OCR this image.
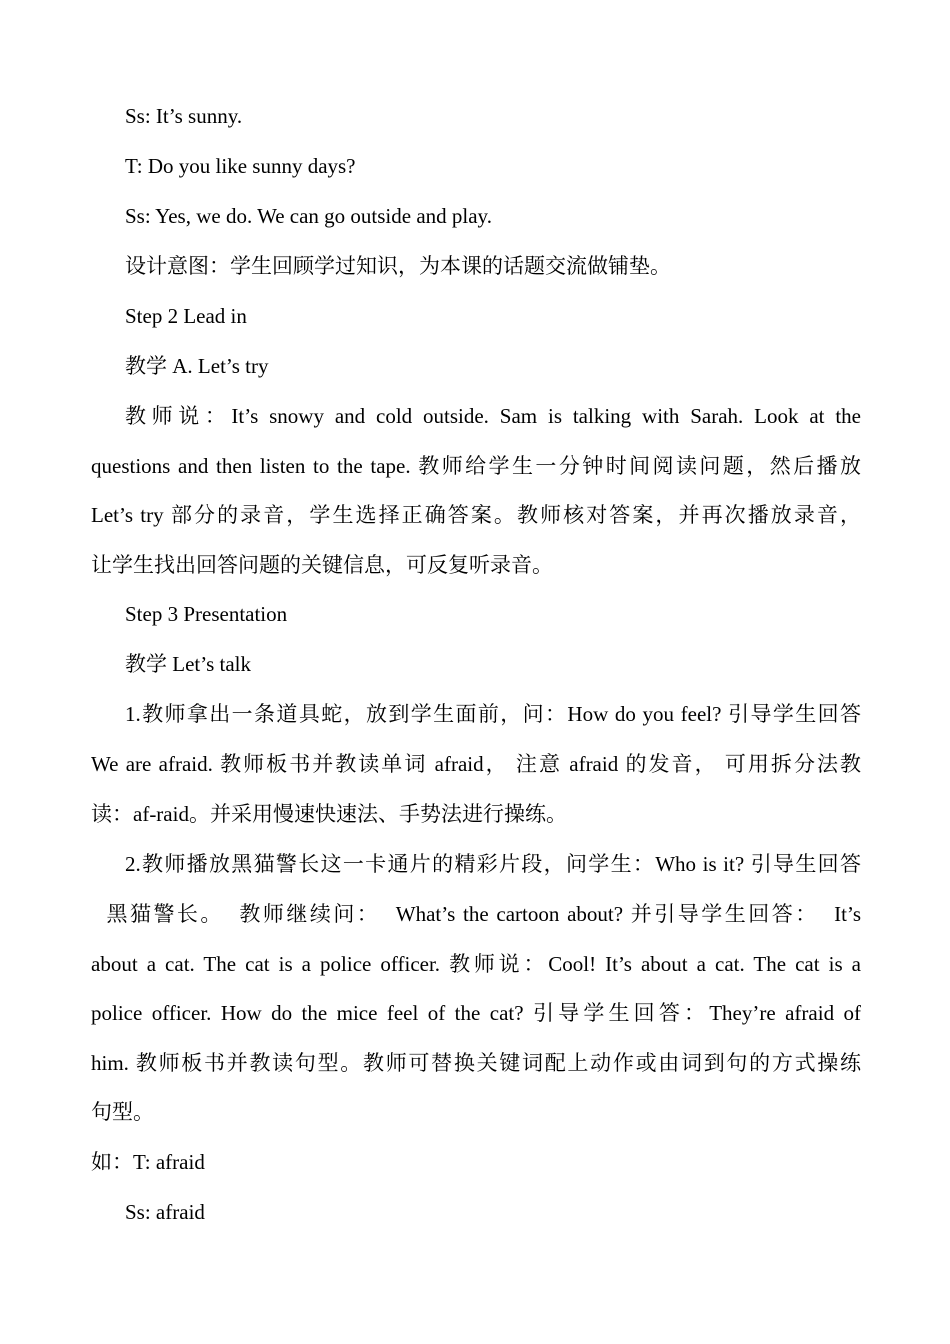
Ss: It’s sunny.
T: Do you like sunny days?
Ss: Yes, we do. We can go outside and play.
设计意图：学生回顾学过知识，为本课的话题交流做铺垫。
Step 2 Lead in
教学 A. Let’s try
教师说：It’s snowy and cold outside. Sam is talking with Sarah. Look at the
questions and then listen to the tape. 教师给学生一分钟时间阅读问题，然后播放
Let’s try 部分的录音，学生选择正确答案。教师核对答案，并再次播放录音，
让学生找出回答问题的关键信息，可反复听录音。
Step 3 Presentation
教学 Let’s talk
1.教师拿出一条道具蛇，放到学生面前，问：How do you feel? 引导学生回答
We are afraid. 教师板书并教读单词 afraid， 注意 afraid 的发音， 可用拆分法教
读：af-raid。并采用慢速快速法、手势法进行操练。
2.教师播放黑猫警长这一卡通片的精彩片段，问学生：Who is it? 引导生回答
黑猫警长。  教师继续问：  What’s the cartoon about? 并引导学生回答：  It’s
about a cat. The cat is a police officer. 教师说：Cool! It’s about a cat. The cat is a
police officer. How do the mice feel of the cat? 引导学生回答：They’re afraid of
him. 教师板书并教读句型。教师可替换关键词配上动作或由词到句的方式操练
句型。
如：T: afraid
Ss: afraid
